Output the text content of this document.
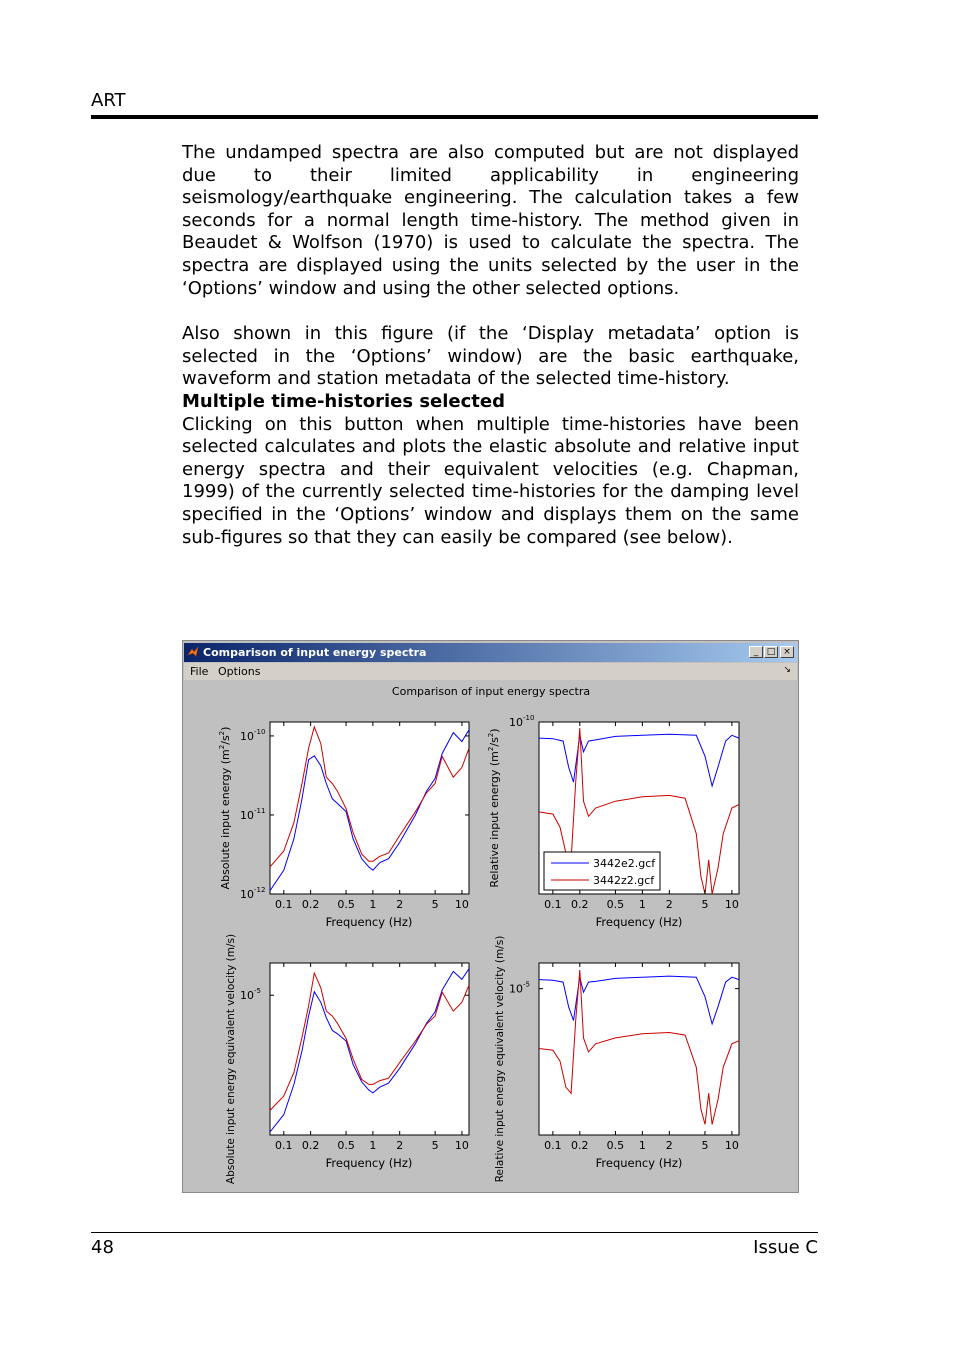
ART

The undamped spectra are also computed but are not displayed due to their limited applicability in engineering seismology/earthquake engineering. The calculation takes a few seconds for a normal length time-history. The method given in Beaudet & Wolfson (1970) is used to calculate the spectra. The spectra are displayed using the units selected by the user in the ‘Options’ window and using the other selected options.

Also shown in this figure (if the ‘Display metadata’ option is selected in the ‘Options’ window) are the basic earthquake, waveform and station metadata of the selected time-history.

Multiple time-histories selected

Clicking on this button when multiple time-histories have been selected calculates and plots the elastic absolute and relative input energy spectra and their equivalent velocities (e.g. Chapman, 1999) of the currently selected time-histories for the damping level specified in the ‘Options’ window and displays them on the same sub-figures so that they can easily be compared (see below).

Comparison of input energy spectra	_ □ ×
File Options	↘
Comparison of input energy spectra
$10^{-10}$
$10^{-11}$
$10^{-12}$
0.1 0.2 0.5 1 2	5 10
Frequency (Hz)
Absolute input energy $(m^2/s^2)$	$10^{-10}$
0.1 0.2 0.5 1 2	5 10
Frequency (Hz)
Relative input energy $(m^2/s^2)$
3442e2.gcf
3442z2.gcf
$10^{-5}$
0.1 0.2 0.5 1 2	5 10
Frequency (Hz)
Absolute input energy equivalent velocity (m/s)	$10^{-5}$
0.1 0.2 0.5 1 2	5 10
Frequency (Hz)
Relative input energy equivalent velocity (m/s)
48	Issue C
